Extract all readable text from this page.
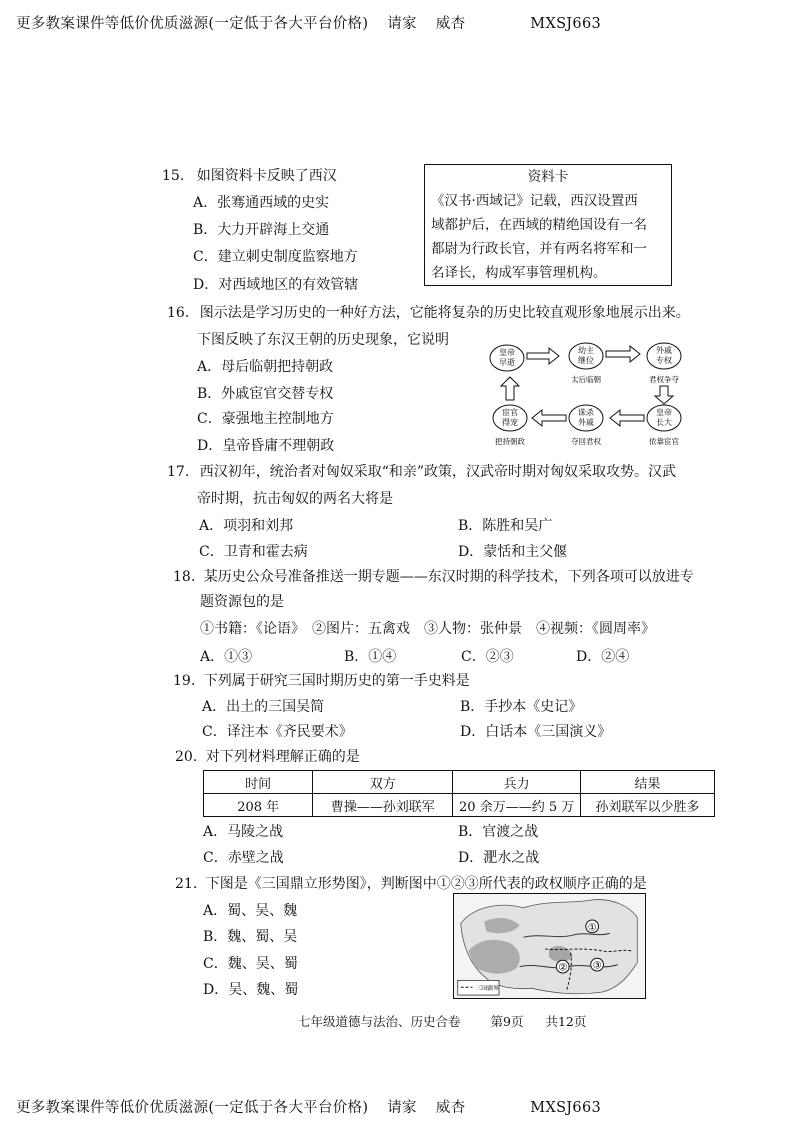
更多教案课件等低价优质滋源(一定低于各大平台价格) 请家 威杏	MXSJ663
15. 如图资料卡反映了西汉
A．张骞通西域的史实
B．大力开辟海上交通
C．建立刺史制度监察地方
D．对西域地区的有效管辖
资料卡

《汉书·西域记》记载，西汉设置西

域都护后，在西域的精绝国设有一名

都尉为行政长官，并有两名将军和一

名译长，构成军事管理机构。

16. 图示法是学习历史的一种好方法，它能将复杂的历史比较直观形象地展示出来。
下图反映了东汉王朝的历史现象，它说明
A．母后临朝把持朝政
B．外戚宦官交替专权
C．豪强地主控制地方
D．皇帝昏庸不理朝政
皇帝
早逝
幼主
继位
太后临朝
外戚
专权
君权争夺
皇帝
长大
依靠宦官
诛杀
外戚
夺回君权
宦官
得宠
把持朝政
17. 西汉初年，统治者对匈奴采取“和亲”政策，汉武帝时期对匈奴采取攻势。汉武
帝时期，抗击匈奴的两名大将是
A．项羽和刘邦	B．陈胜和吴广
C．卫青和霍去病	D．蒙恬和主父偃
18. 某历史公众号准备推送一期专题——东汉时期的科学技术，下列各项可以放进专
题资源包的是
①书籍：《论语》　②图片：五禽戏　③人物：张仲景　④视频：《圆周率》
A．①③	B．①④	C．②③	D．②④
19. 下列属于研究三国时期历史的第一手史料是
A．出土的三国吴简	B．手抄本《史记》
C．译注本《齐民要术》	D．白话本《三国演义》
20. 对下列材料理解正确的是
时间	双方	兵力	结果
208 年	曹操——孙刘联军	20 余万——约 5 万	孙刘联军以少胜多
A．马陵之战	B．官渡之战
C．赤壁之战	D．淝水之战
21. 下图是《三国鼎立形势图》，判断图中①②③所代表的政权顺序正确的是
A．蜀、吴、魏
B．魏、蜀、吴
C．魏、吴、蜀
D．吴、魏、蜀
①
②	③
三国疆界
七年级道德与法治、历史合卷 第9页 共12页
更多教案课件等低价优质滋源(一定低于各大平台价格) 请家 威杏	MXSJ663
